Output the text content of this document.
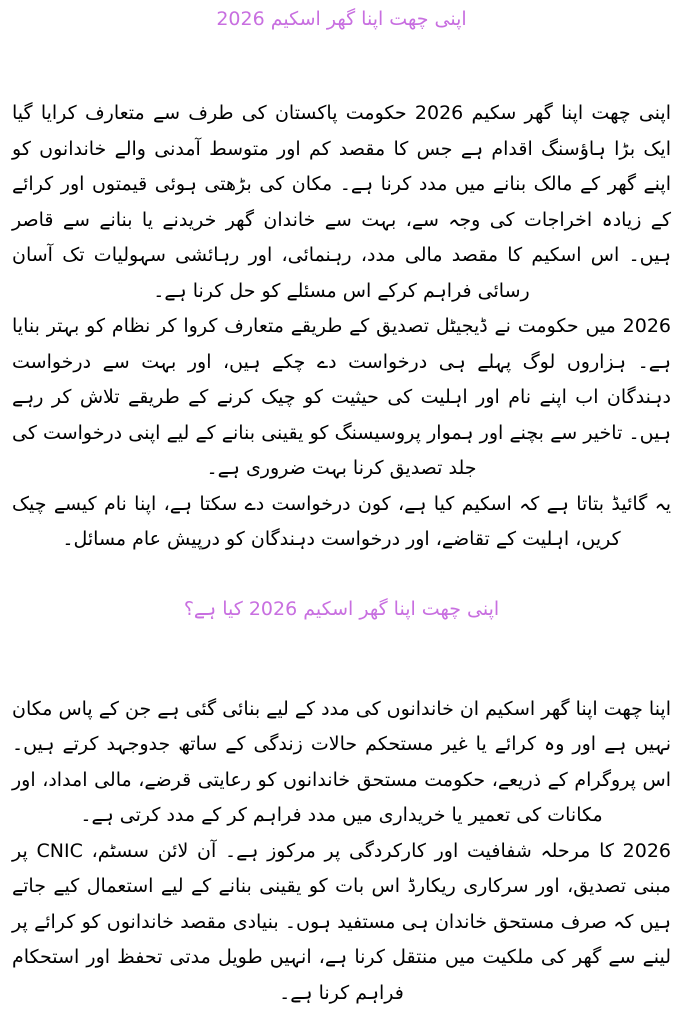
اپنی چھت اپنا گھر اسکیم 2026

اپنی چھت اپنا گھر سکیم 2026 حکومت پاکستان کی طرف سے متعارف کرایا گیا ایک بڑا ہاؤسنگ اقدام ہے جس کا مقصد کم اور متوسط آمدنی والے خاندانوں کو اپنے گھر کے مالک بنانے میں مدد کرنا ہے۔ مکان کی بڑھتی ہوئی قیمتوں اور کرائے کے زیادہ اخراجات کی وجہ سے، بہت سے خاندان گھر خریدنے یا بنانے سے قاصر ہیں۔ اس اسکیم کا مقصد مالی مدد، رہنمائی، اور رہائشی سہولیات تک آسان رسائی فراہم کرکے اس مسئلے کو حل کرنا ہے۔

2026 میں حکومت نے ڈیجیٹل تصدیق کے طریقے متعارف کروا کر نظام کو بہتر بنایا ہے۔ ہزاروں لوگ پہلے ہی درخواست دے چکے ہیں، اور بہت سے درخواست دہندگان اب اپنے نام اور اہلیت کی حیثیت کو چیک کرنے کے طریقے تلاش کر رہے ہیں۔ تاخیر سے بچنے اور ہموار پروسیسنگ کو یقینی بنانے کے لیے اپنی درخواست کی جلد تصدیق کرنا بہت ضروری ہے۔

یہ گائیڈ بتاتا ہے کہ اسکیم کیا ہے، کون درخواست دے سکتا ہے، اپنا نام کیسے چیک کریں، اہلیت کے تقاضے، اور درخواست دہندگان کو درپیش عام مسائل۔

اپنی چھت اپنا گھر اسکیم 2026 کیا ہے؟

اپنا چھت اپنا گھر اسکیم ان خاندانوں کی مدد کے لیے بنائی گئی ہے جن کے پاس مکان نہیں ہے اور وہ کرائے یا غیر مستحکم حالات زندگی کے ساتھ جدوجہد کرتے ہیں۔ اس پروگرام کے ذریعے، حکومت مستحق خاندانوں کو رعایتی قرضے، مالی امداد، اور مکانات کی تعمیر یا خریداری میں مدد فراہم کر کے مدد کرتی ہے۔

2026 کا مرحلہ شفافیت اور کارکردگی پر مرکوز ہے۔ آن لائن سسٹم، CNIC پر مبنی تصدیق، اور سرکاری ریکارڈ اس بات کو یقینی بنانے کے لیے استعمال کیے جاتے ہیں کہ صرف مستحق خاندان ہی مستفید ہوں۔ بنیادی مقصد خاندانوں کو کرائے پر لینے سے گھر کی ملکیت میں منتقل کرنا ہے، انہیں طویل مدتی تحفظ اور استحکام فراہم کرنا ہے۔
